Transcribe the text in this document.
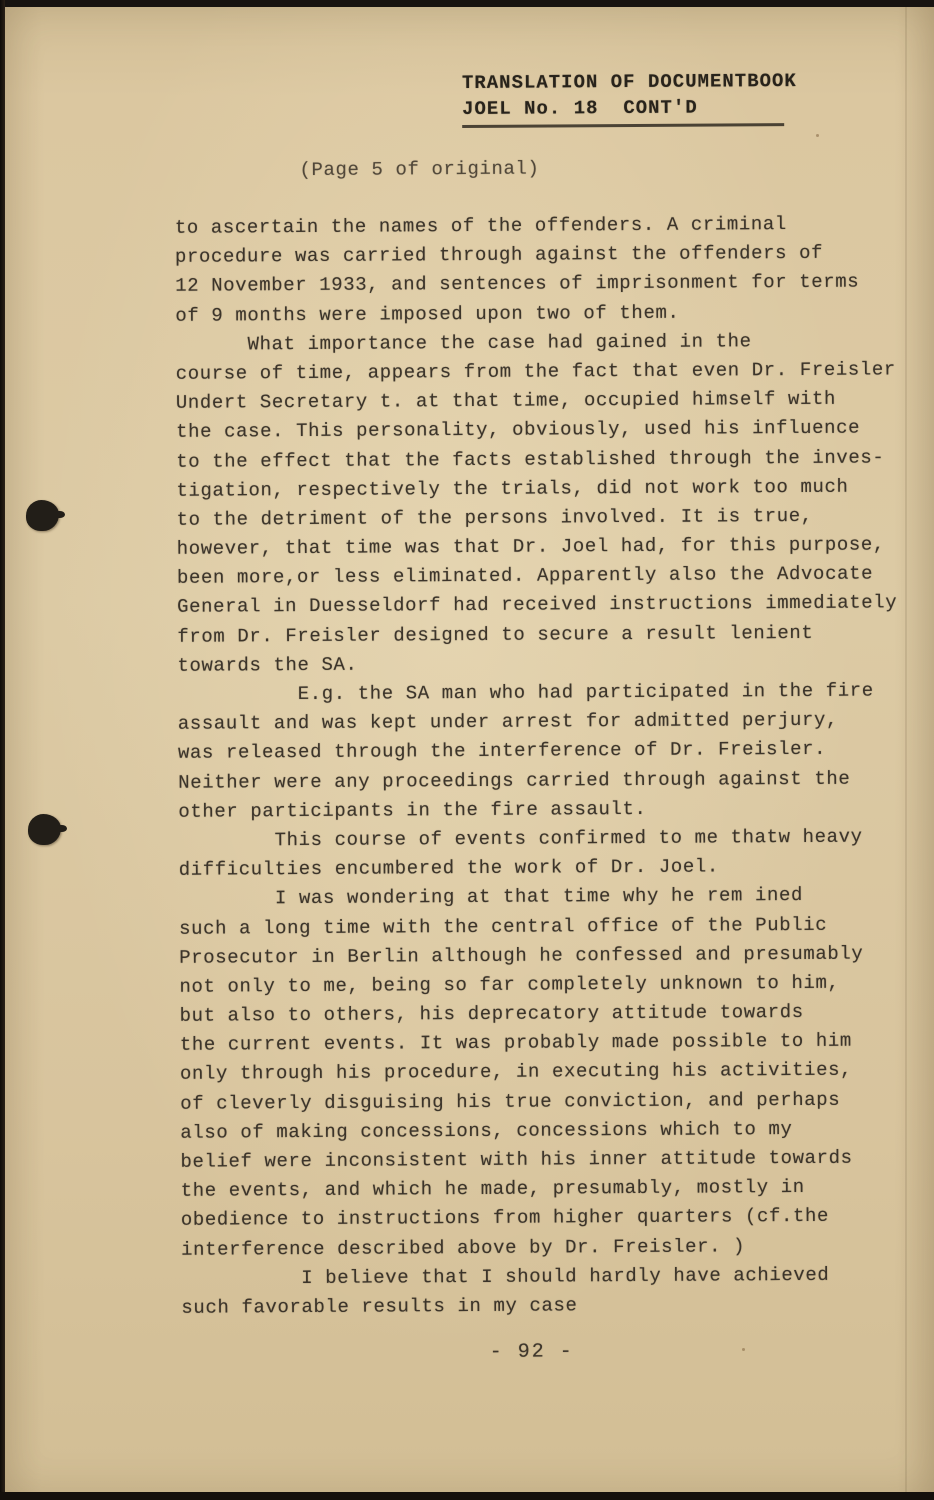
TRANSLATION OF DOCUMENTBOOK
JOEL No. 18  CONT'D
(Page 5 of original)
to ascertain the names of the offenders. A criminal
procedure was carried through against the offenders of
12 November 1933, and sentences of imprisonment for terms
of 9 months were imposed upon two of them.
What importance the case had gained in the
course of time, appears from the fact that even Dr. Freisler
Undert Secretary t. at that time, occupied himself with
the case. This personality, obviously, used his influence
to the effect that the facts established through the inves-
tigation, respectively the trials, did not work too much
to the detriment of the persons involved. It is true,
however, that time was that Dr. Joel had, for this purpose,
been more,or less eliminated. Apparently also the Advocate
General in Duesseldorf had received instructions immediately
from Dr. Freisler designed to secure a result lenient
towards the SA.
E.g. the SA man who had participated in the fire
assault and was kept under arrest for admitted perjury,
was released through the interference of Dr. Freisler.
Neither were any proceedings carried through against the
other participants in the fire assault.
This course of events confirmed to me thatw heavy
difficulties encumbered the work of Dr. Joel.
I was wondering at that time why he rem ined
such a long time with the central office of the Public
Prosecutor in Berlin although he confessed and presumably
not only to me, being so far completely unknown to him,
but also to others, his deprecatory attitude towards
the current events. It was probably made possible to him
only through his procedure, in executing his activities,
of cleverly disguising his true conviction, and perhaps
also of making concessions, concessions which to my
belief were inconsistent with his inner attitude towards
the events, and which he made, presumably, mostly in
obedience to instructions from higher quarters (cf.the
interference described above by Dr. Freisler. )
I believe that I should hardly have achieved
such favorable results in my case
- 92 -
